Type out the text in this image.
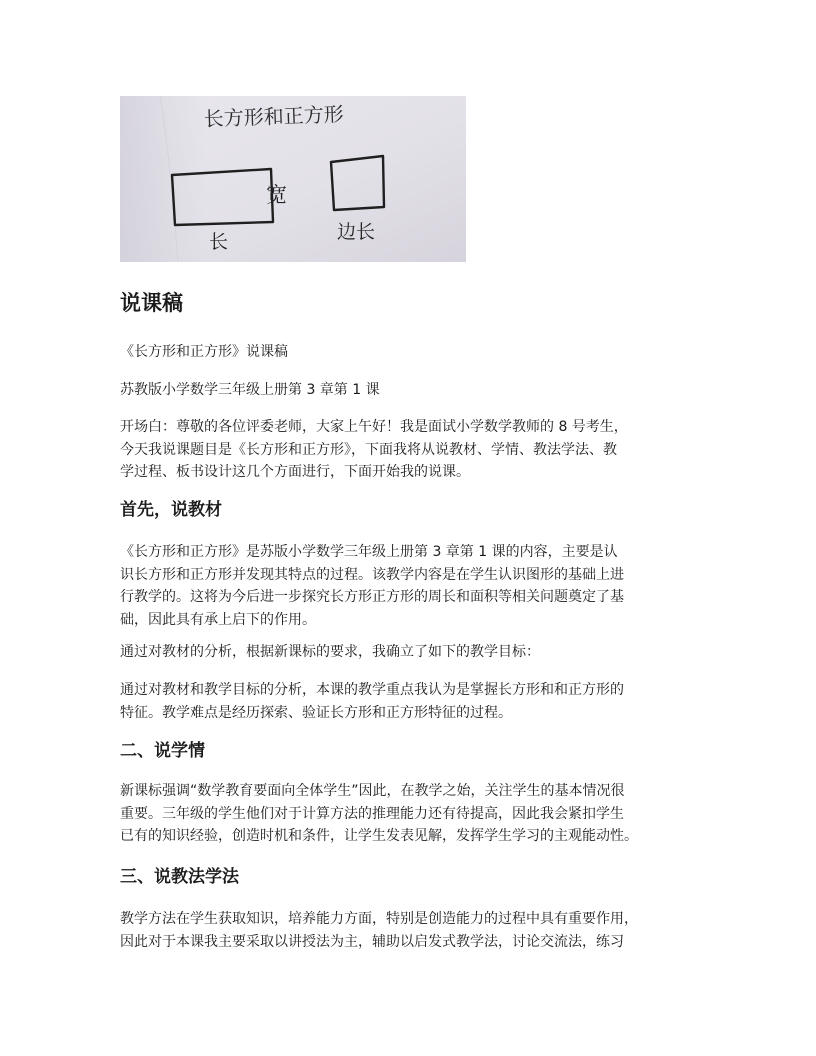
长方形和正方形
宽
长	边长
说课稿

《长方形和正方形》说课稿

苏教版小学数学三年级上册第 3 章第 1 课

开场白：尊敬的各位评委老师，大家上午好！我是面试小学数学教师的 8 号考生，
今天我说课题目是《长方形和正方形》，下面我将从说教材、学情、教法学法、教
学过程、板书设计这几个方面进行，下面开始我的说课。

首先，说教材

《长方形和正方形》是苏版小学数学三年级上册第 3 章第 1 课的内容，主要是认
识长方形和正方形并发现其特点的过程。该教学内容是在学生认识图形的基础上进
行教学的。这将为今后进一步探究长方形正方形的周长和面积等相关问题奠定了基
础，因此具有承上启下的作用。

通过对教材的分析，根据新课标的要求，我确立了如下的教学目标：

通过对教材和教学目标的分析，本课的教学重点我认为是掌握长方形和和正方形的
特征。教学难点是经历探索、验证长方形和正方形特征的过程。

二、说学情

新课标强调“数学教育要面向全体学生”因此，在教学之始，关注学生的基本情况很
重要。三年级的学生他们对于计算方法的推理能力还有待提高，因此我会紧扣学生
已有的知识经验，创造时机和条件，让学生发表见解，发挥学生学习的主观能动性。

三、说教法学法

教学方法在学生获取知识，培养能力方面，特别是创造能力的过程中具有重要作用，
因此对于本课我主要采取以讲授法为主，辅助以启发式教学法，讨论交流法，练习
